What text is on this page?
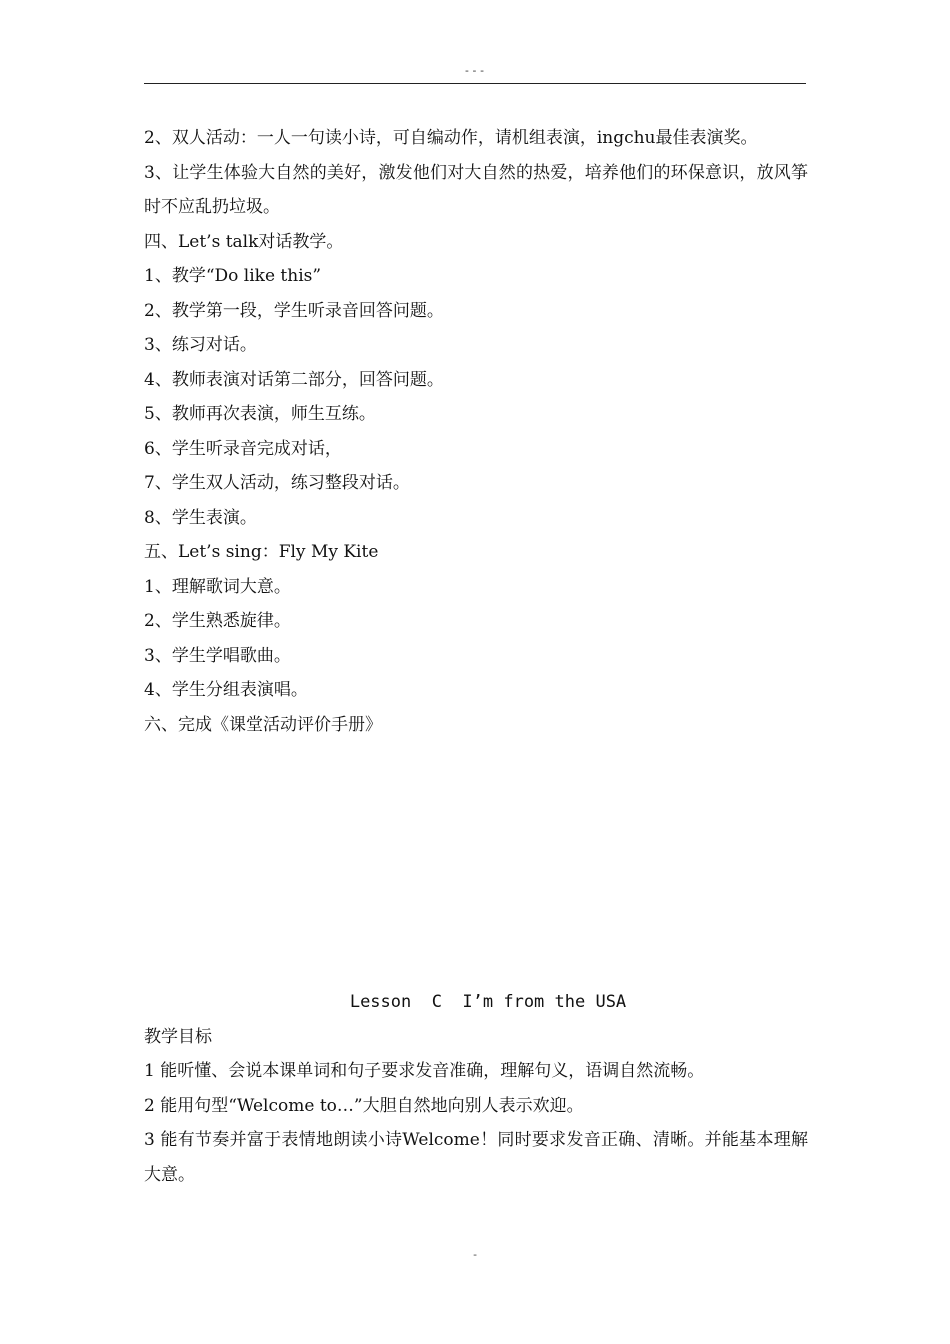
---
2、双人活动：一人一句读小诗，可自编动作，请机组表演，ingchu最佳表演奖。
3、让学生体验大自然的美好，激发他们对大自然的热爱，培养他们的环保意识，放风筝时不应乱扔垃圾。
四、Let’s talk对话教学。
1、教学“Do like this”
2、教学第一段，学生听录音回答问题。
3、练习对话。
4、教师表演对话第二部分，回答问题。
5、教师再次表演，师生互练。
6、学生听录音完成对话，
7、学生双人活动，练习整段对话。
8、学生表演。
五、Let’s sing：Fly My Kite
1、理解歌词大意。
2、学生熟悉旋律。
3、学生学唱歌曲。
4、学生分组表演唱。
六、完成《课堂活动评价手册》
Lesson  C  I’m from the USA
教学目标
1 能听懂、会说本课单词和句子要求发音准确，理解句义，语调自然流畅。
2 能用句型“Welcome to…”大胆自然地向别人表示欢迎。
3 能有节奏并富于表情地朗读小诗Welcome！同时要求发音正确、清晰。并能基本理解大意。
-
